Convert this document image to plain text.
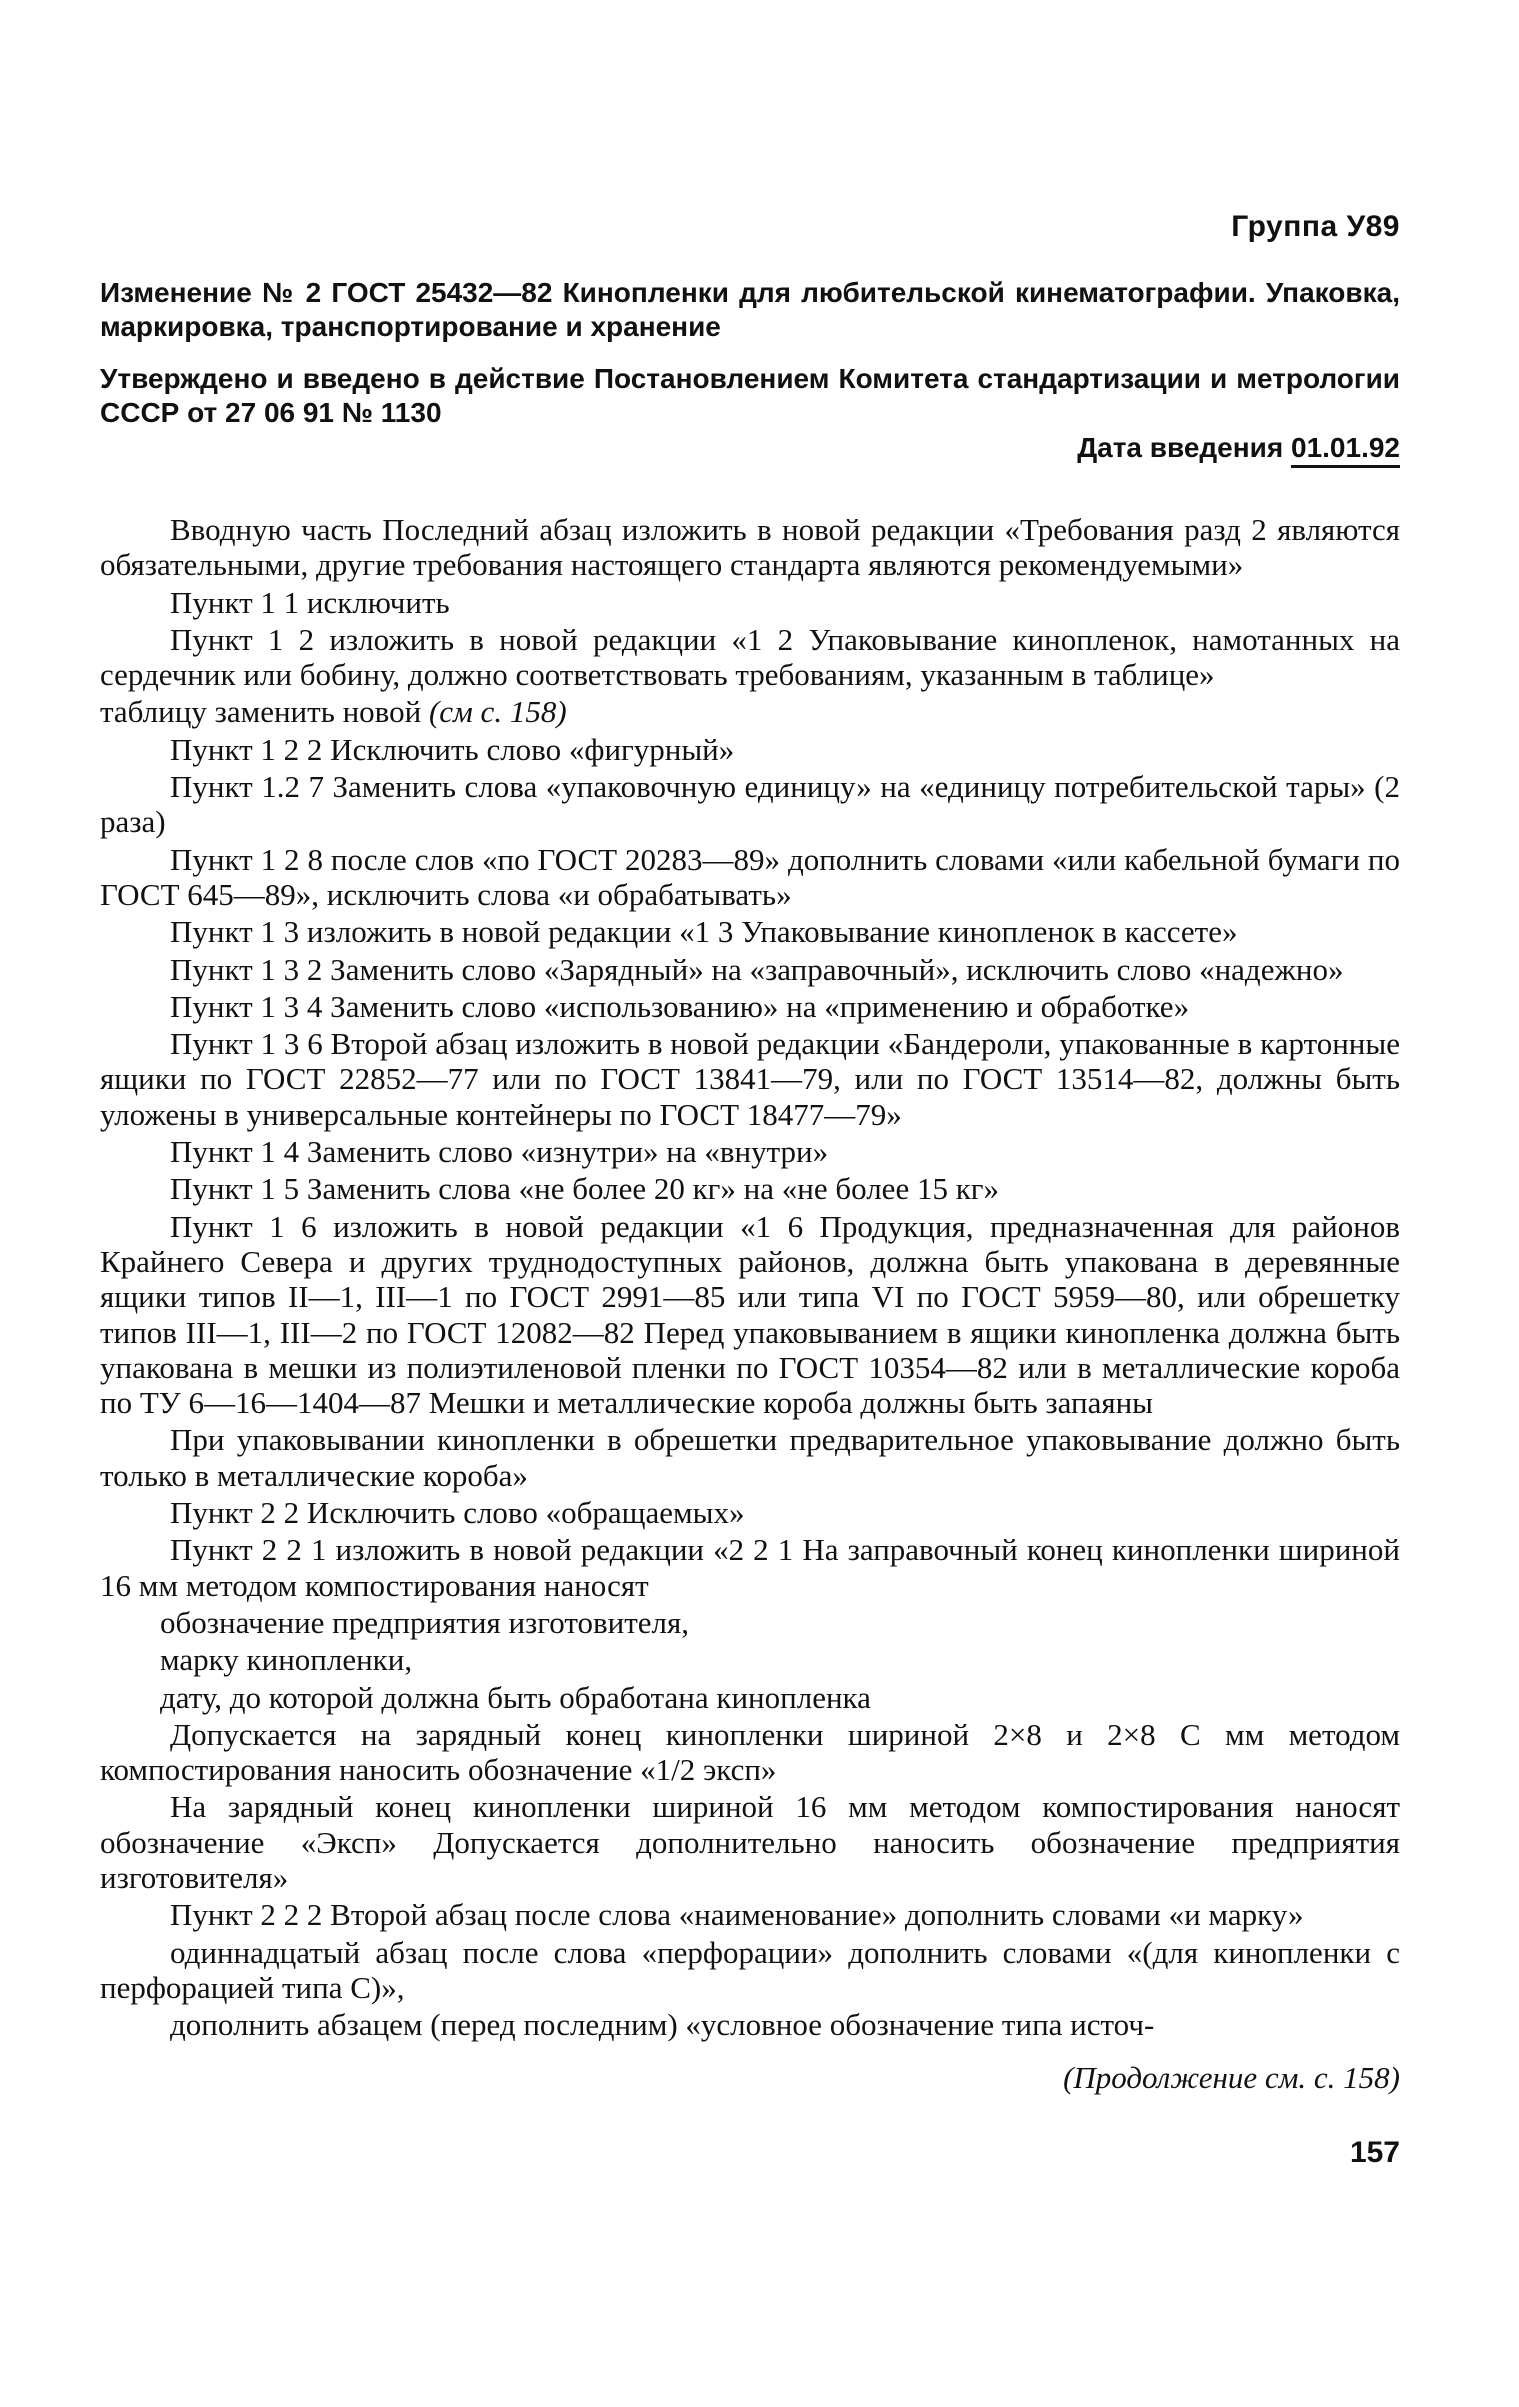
Группа У89
Изменение № 2 ГОСТ 25432—82 Кинопленки для любительской кинематографии. Упаковка, маркировка, транспортирование и хранение
Утверждено и введено в действие Постановлением Комитета стандартизации и метрологии СССР от 27 06 91 № 1130
Дата введения 01.01.92

Вводную часть Последний абзац изложить в новой редакции «Требования разд 2 являются обязательными, другие требования настоящего стандарта являются рекомендуемыми»

Пункт 1 1 исключить

Пункт 1 2 изложить в новой редакции «1 2 Упаковывание кинопленок, намотанных на сердечник или бобину, должно соответствовать требованиям, указанным в таблице»

таблицу заменить новой (см с. 158)

Пункт 1 2 2 Исключить слово «фигурный»

Пункт 1.2 7 Заменить слова «упаковочную единицу» на «единицу потребительской тары» (2 раза)

Пункт 1 2 8 после слов «по ГОСТ 20283—89» дополнить словами «или кабельной бумаги по ГОСТ 645—89», исключить слова «и обрабатывать»

Пункт 1 3 изложить в новой редакции «1 3 Упаковывание кинопленок в кассете»

Пункт 1 3 2 Заменить слово «Зарядный» на «заправочный», исключить слово «надежно»

Пункт 1 3 4 Заменить слово «использованию» на «применению и обработке»

Пункт 1 3 6 Второй абзац изложить в новой редакции «Бандероли, упакованные в картонные ящики по ГОСТ 22852—77 или по ГОСТ 13841—79, или по ГОСТ 13514—82, должны быть уложены в универсальные контейнеры по ГОСТ 18477—79»

Пункт 1 4 Заменить слово «изнутри» на «внутри»

Пункт 1 5 Заменить слова «не более 20 кг» на «не более 15 кг»

Пункт 1 6 изложить в новой редакции «1 6 Продукция, предназначенная для районов Крайнего Севера и других труднодоступных районов, должна быть упакована в деревянные ящики типов II—1, III—1 по ГОСТ 2991—85 или типа VI по ГОСТ 5959—80, или обрешетку типов III—1, III—2 по ГОСТ 12082—82 Перед упаковыванием в ящики кинопленка должна быть упакована в мешки из полиэтиленовой пленки по ГОСТ 10354—82 или в металлические короба по ТУ 6—16—1404—87 Мешки и металлические короба должны быть запаяны

При упаковывании кинопленки в обрешетки предварительное упаковывание должно быть только в металлические короба»

Пункт 2 2 Исключить слово «обращаемых»

Пункт 2 2 1 изложить в новой редакции «2 2 1 На заправочный конец кинопленки шириной 16 мм методом компостирования наносят

обозначение предприятия изготовителя,
марку кинопленки,
дату, до которой должна быть обработана кинопленка

Допускается на зарядный конец кинопленки шириной 2×8 и 2×8 С мм методом компостирования наносить обозначение «1/2 эксп»

На зарядный конец кинопленки шириной 16 мм методом компостирования наносят обозначение «Эксп» Допускается дополнительно наносить обозначение предприятия изготовителя»

Пункт 2 2 2 Второй абзац после слова «наименование» дополнить словами «и марку»

одиннадцатый абзац после слова «перфорации» дополнить словами «(для кинопленки с перфорацией типа С)»,

дополнить абзацем (перед последним) «условное обозначение типа источ-

(Продолжение см. с. 158)
157
